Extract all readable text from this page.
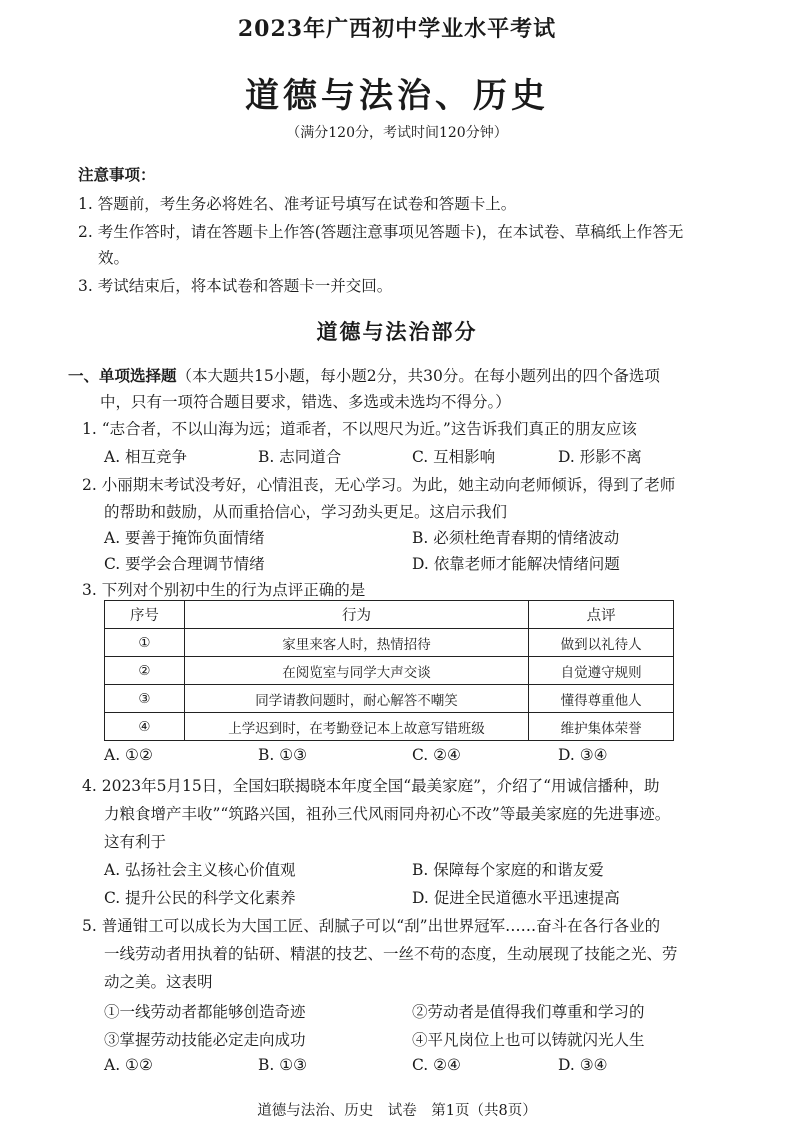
2023年广西初中学业水平考试
道德与法治、历史
（满分120分，考试时间120分钟）
注意事项：
1. 答题前，考生务必将姓名、准考证号填写在试卷和答题卡上。
2. 考生作答时，请在答题卡上作答(答题注意事项见答题卡)，在本试卷、草稿纸上作答无
效。
3. 考试结束后，将本试卷和答题卡一并交回。
道德与法治部分
一、单项选择题（本大题共15小题，每小题2分，共30分。在每小题列出的四个备选项
中，只有一项符合题目要求，错选、多选或未选均不得分。）
1. “志合者，不以山海为远；道乖者，不以咫尺为近。”这告诉我们真正的朋友应该
A. 相互竞争	B. 志同道合	C. 互相影响	D. 形影不离
2. 小丽期末考试没考好，心情沮丧，无心学习。为此，她主动向老师倾诉，得到了老师
的帮助和鼓励，从而重拾信心，学习劲头更足。这启示我们
A. 要善于掩饰负面情绪	B. 必须杜绝青春期的情绪波动
C. 要学会合理调节情绪	D. 依靠老师才能解决情绪问题
3. 下列对个别初中生的行为点评正确的是
序号	行为	点评
①	家里来客人时，热情招待	做到以礼待人
②	在阅览室与同学大声交谈	自觉遵守规则
③	同学请教问题时，耐心解答不嘲笑	懂得尊重他人
④	上学迟到时，在考勤登记本上故意写错班级	维护集体荣誉
A. ①②	B. ①③	C. ②④	D. ③④
4. 2023年5月15日，全国妇联揭晓本年度全国“最美家庭”，介绍了“用诚信播种，助
力粮食增产丰收”“筑路兴国，祖孙三代风雨同舟初心不改”等最美家庭的先进事迹。
这有利于
A. 弘扬社会主义核心价值观	B. 保障每个家庭的和谐友爱
C. 提升公民的科学文化素养	D. 促进全民道德水平迅速提高
5. 普通钳工可以成长为大国工匠、刮腻子可以“刮”出世界冠军……奋斗在各行各业的
一线劳动者用执着的钻研、精湛的技艺、一丝不苟的态度，生动展现了技能之光、劳
动之美。这表明
①一线劳动者都能够创造奇迹	②劳动者是值得我们尊重和学习的
③掌握劳动技能必定走向成功	④平凡岗位上也可以铸就闪光人生
A. ①②	B. ①③	C. ②④	D. ③④
道德与法治、历史　试卷　第1页（共8页）
